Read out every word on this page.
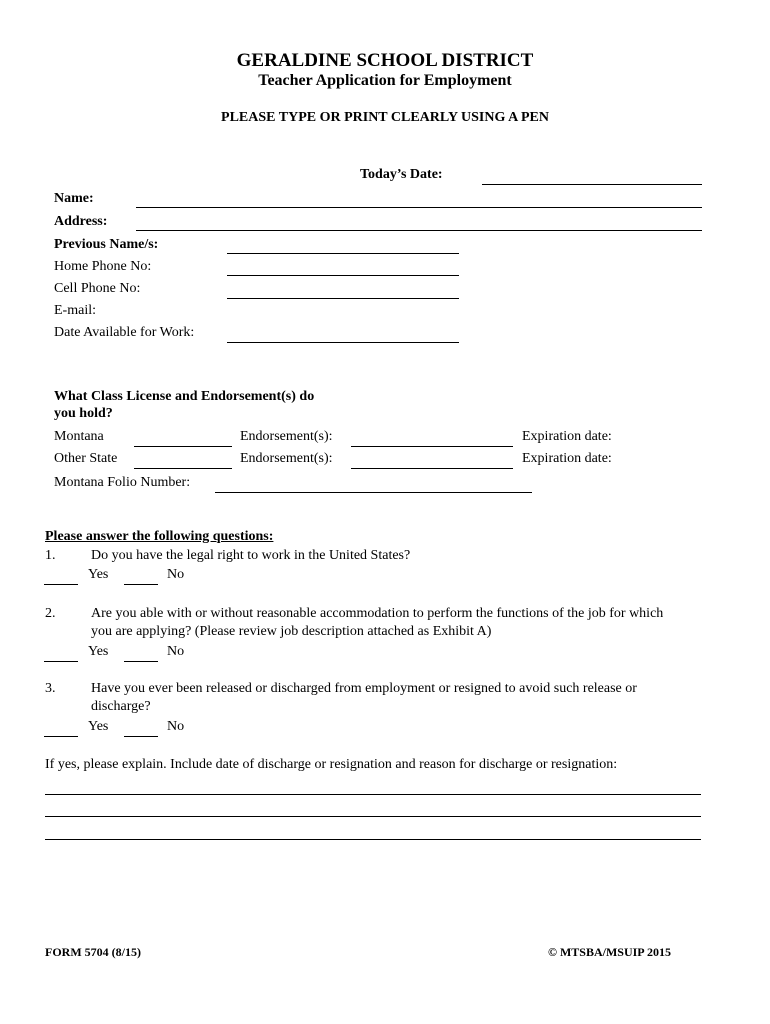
GERALDINE SCHOOL DISTRICT
Teacher Application for Employment
PLEASE TYPE OR PRINT CLEARLY USING A PEN
Today’s Date:
Name:
Address:
Previous Name/s:
Home Phone No:
Cell Phone No:
E-mail:
Date Available for Work:
What Class License and Endorsement(s) do
you hold?
Montana	Endorsement(s):	Expiration date:
Other State	Endorsement(s):	Expiration date:
Montana Folio Number:
Please answer the following questions:
1.	Do you have the legal right to work in the United States?
Yes	No
2.	Are you able with or without reasonable accommodation to perform the functions of the job for which
you are applying? (Please review job description attached as Exhibit A)
Yes	No
3.	Have you ever been released or discharged from employment or resigned to avoid such release or
discharge?
Yes	No
If yes, please explain. Include date of discharge or resignation and reason for discharge or resignation:
FORM 5704 (8/15)	© MTSBA/MSUIP 2015
